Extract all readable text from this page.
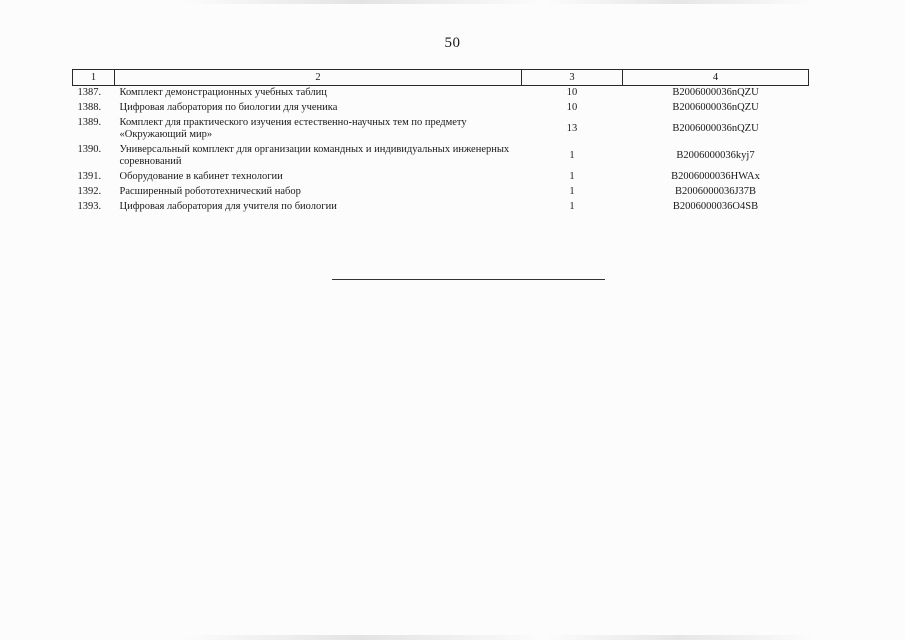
50
1	2	3	4
1387.	Комплект демонстрационных учебных таблиц	10	B2006000036nQZU
1388.	Цифровая лаборатория по биологии для ученика	10	B2006000036nQZU
1389.	Комплект для практического изучения естественно-научных тем по предмету «Окружающий мир»	13	B2006000036nQZU
1390.	Универсальный комплект для организации командных и индивидуальных инженерных соревнований	1	B2006000036kyj7
1391.	Оборудование в кабинет технологии	1	B2006000036HWAx
1392.	Расширенный робототехнический набор	1	B2006000036J37B
1393.	Цифровая лаборатория для учителя по биологии	1	B2006000036O4SB
